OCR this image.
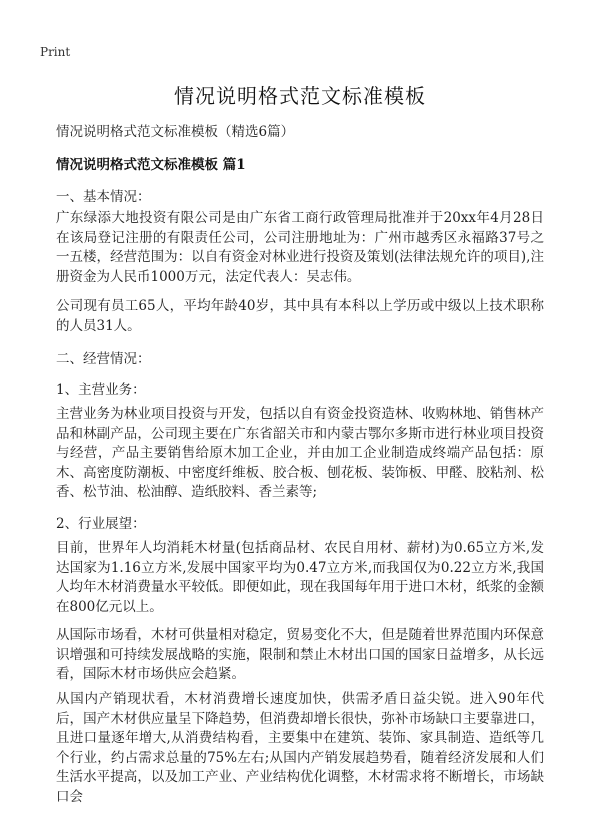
Print
情况说明格式范文标准模板
情况说明格式范文标准模板（精选6篇）
情况说明格式范文标准模板 篇1
一、基本情况：

广东绿添大地投资有限公司是由广东省工商行政管理局批准并于20xx年4月28日在该局登记注册的有限责任公司，公司注册地址为：广州市越秀区永福路37号之一五楼，经营范围为：以自有资金对林业进行投资及策划(法律法规允许的项目),注册资金为人民币1000万元，法定代表人：吴志伟。

公司现有员工65人，平均年龄40岁，其中具有本科以上学历或中级以上技术职称的人员31人。

二、经营情况：
1、主营业务：

主营业务为林业项目投资与开发，包括以自有资金投资造林、收购林地、销售林产品和林副产品，公司现主要在广东省韶关市和内蒙古鄂尔多斯市进行林业项目投资与经营，产品主要销售给原木加工企业，并由加工企业制造成终端产品包括：原木、高密度防潮板、中密度纤维板、胶合板、刨花板、装饰板、甲醛、胶粘剂、松香、松节油、松油醇、造纸胶料、香兰素等;

2、行业展望：

目前，世界年人均消耗木材量(包括商品材、农民自用材、薪材)为0.65立方米,发达国家为1.16立方米,发展中国家平均为0.47立方米,而我国仅为0.22立方米,我国人均年木材消费量水平较低。即便如此，现在我国每年用于进口木材，纸浆的金额在800亿元以上。

从国际市场看，木材可供量相对稳定，贸易变化不大，但是随着世界范围内环保意识增强和可持续发展战略的实施，限制和禁止木材出口国的国家日益增多，从长远看，国际木材市场供应会趋紧。

从国内产销现状看，木材消费增长速度加快，供需矛盾日益尖锐。进入90年代后，国产木材供应量呈下降趋势，但消费却增长很快，弥补市场缺口主要靠进口，且进口量逐年增大,从消费结构看，主要集中在建筑、装饰、家具制造、造纸等几个行业，约占需求总量的75%左右;从国内产销发展趋势看，随着经济发展和人们生活水平提高，以及加工产业、产业结构优化调整，木材需求将不断增长，市场缺口会
